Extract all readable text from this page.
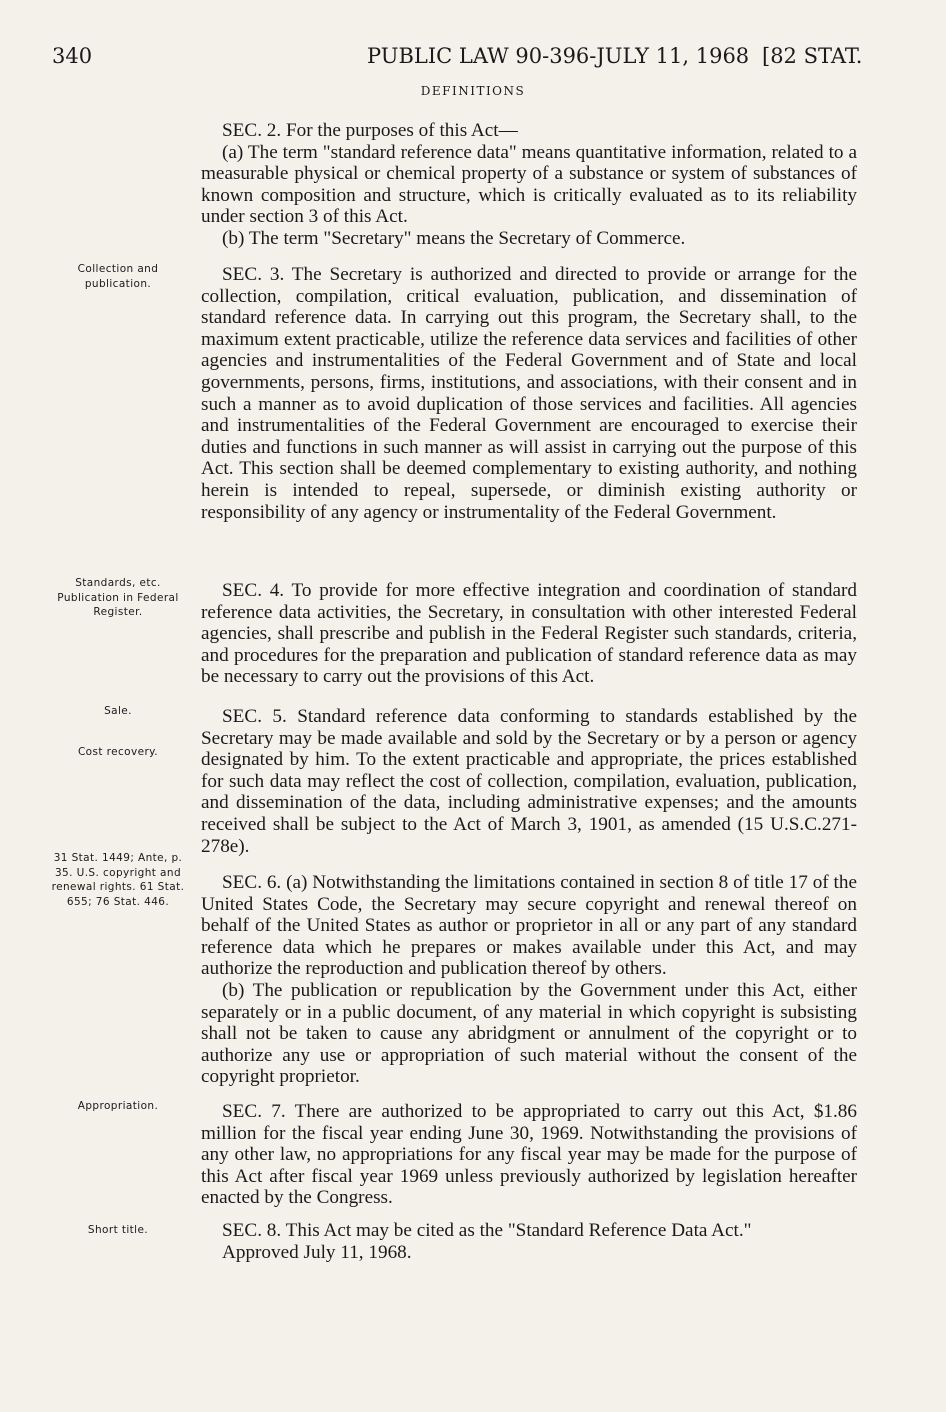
340	PUBLIC LAW 90-396-JULY 11, 1968 [82 STAT.
DEFINITIONS

SEC. 2. For the purposes of this Act—

(a) The term "standard reference data" means quantitative information, related to a measurable physical or chemical property of a substance or system of substances of known composition and structure, which is critically evaluated as to its reliability under section 3 of this Act.

(b) The term "Secretary" means the Secretary of Commerce.

SEC. 3. The Secretary is authorized and directed to provide or arrange for the collection, compilation, critical evaluation, publication, and dissemination of standard reference data. In carrying out this program, the Secretary shall, to the maximum extent practicable, utilize the reference data services and facilities of other agencies and instrumentalities of the Federal Government and of State and local governments, persons, firms, institutions, and associations, with their consent and in such a manner as to avoid duplication of those services and facilities. All agencies and instrumentalities of the Federal Government are encouraged to exercise their duties and functions in such manner as will assist in carrying out the purpose of this Act. This section shall be deemed complementary to existing authority, and nothing herein is intended to repeal, supersede, or diminish existing authority or responsibility of any agency or instrumentality of the Federal Government.

SEC. 4. To provide for more effective integration and coordination of standard reference data activities, the Secretary, in consultation with other interested Federal agencies, shall prescribe and publish in the Federal Register such standards, criteria, and procedures for the preparation and publication of standard reference data as may be necessary to carry out the provisions of this Act.

SEC. 5. Standard reference data conforming to standards established by the Secretary may be made available and sold by the Secretary or by a person or agency designated by him. To the extent practicable and appropriate, the prices established for such data may reflect the cost of collection, compilation, evaluation, publication, and dissemination of the data, including administrative expenses; and the amounts received shall be subject to the Act of March 3, 1901, as amended (15 U.S.C.271-278e).

SEC. 6. (a) Notwithstanding the limitations contained in section 8 of title 17 of the United States Code, the Secretary may secure copyright and renewal thereof on behalf of the United States as author or proprietor in all or any part of any standard reference data which he prepares or makes available under this Act, and may authorize the reproduction and publication thereof by others.

(b) The publication or republication by the Government under this Act, either separately or in a public document, of any material in which copyright is subsisting shall not be taken to cause any abridgment or annulment of the copyright or to authorize any use or appropriation of such material without the consent of the copyright proprietor.

SEC. 7. There are authorized to be appropriated to carry out this Act, $1.86 million for the fiscal year ending June 30, 1969. Notwithstanding the provisions of any other law, no appropriations for any fiscal year may be made for the purpose of this Act after fiscal year 1969 unless previously authorized by legislation hereafter enacted by the Congress.

SEC. 8. This Act may be cited as the "Standard Reference Data Act."

Approved July 11, 1968.

Collection and publication.
Standards, etc. Publication in Federal Register.
Sale.
Cost recovery.
31 Stat. 1449; Ante, p. 35. U.S. copyright and renewal rights. 61 Stat. 655; 76 Stat. 446.
Appropriation.
Short title.
